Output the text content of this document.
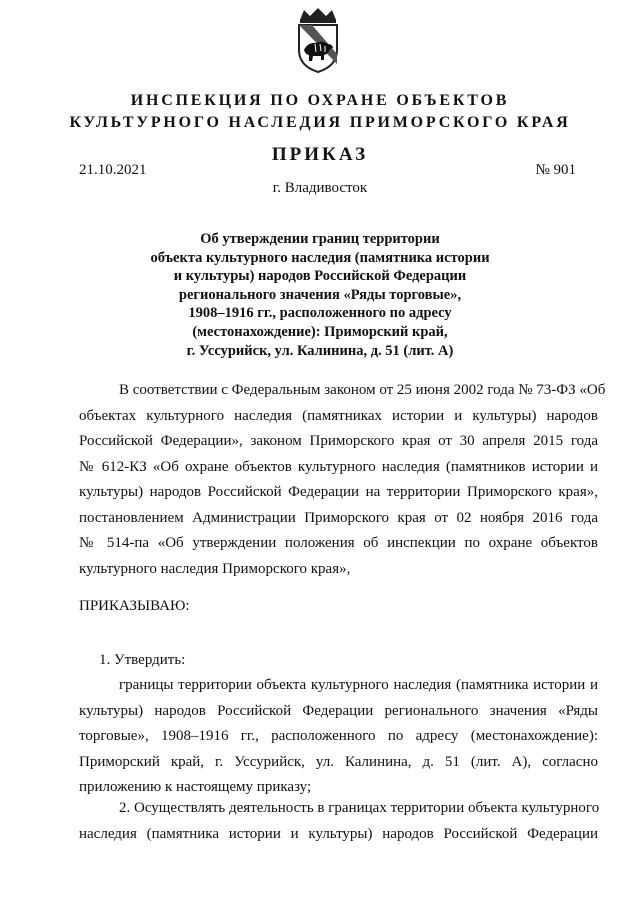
ИНСПЕКЦИЯ ПО ОХРАНЕ ОБЪЕКТОВ
КУЛЬТУРНОГО НАСЛЕДИЯ ПРИМОРСКОГО КРАЯ
ПРИКАЗ
21.10.2021	№ 901
г. Владивосток
Об утверждении границ территории
объекта культурного наследия (памятника истории
и культуры) народов Российской Федерации
регионального значения «Ряды торговые»,
1908–1916 гг., расположенного по адресу
(местонахождение): Приморский край,
г. Уссурийск, ул. Калинина, д. 51 (лит. А)
В соответствии с Федеральным законом от 25 июня 2002 года № 73-ФЗ «Об
объектах культурного наследия (памятниках истории и культуры) народов
Российской Федерации», законом Приморского края от 30 апреля 2015 года
№ 612-КЗ «Об охране объектов культурного наследия (памятников истории и
культуры) народов Российской Федерации на территории Приморского края»,
постановлением Администрации Приморского края от 02 ноября 2016 года
№ 514-па «Об утверждении положения об инспекции по охране объектов
культурного наследия Приморского края»,
ПРИКАЗЫВАЮ:
1. Утвердить:
границы территории объекта культурного наследия (памятника истории и
культуры) народов Российской Федерации регионального значения «Ряды
торговые», 1908–1916 гг., расположенного по адресу (местонахождение):
Приморский край, г. Уссурийск, ул. Калинина, д. 51 (лит. А), согласно
приложению к настоящему приказу;
2. Осуществлять деятельность в границах территории объекта культурного
наследия (памятника истории и культуры) народов Российской Федерации
